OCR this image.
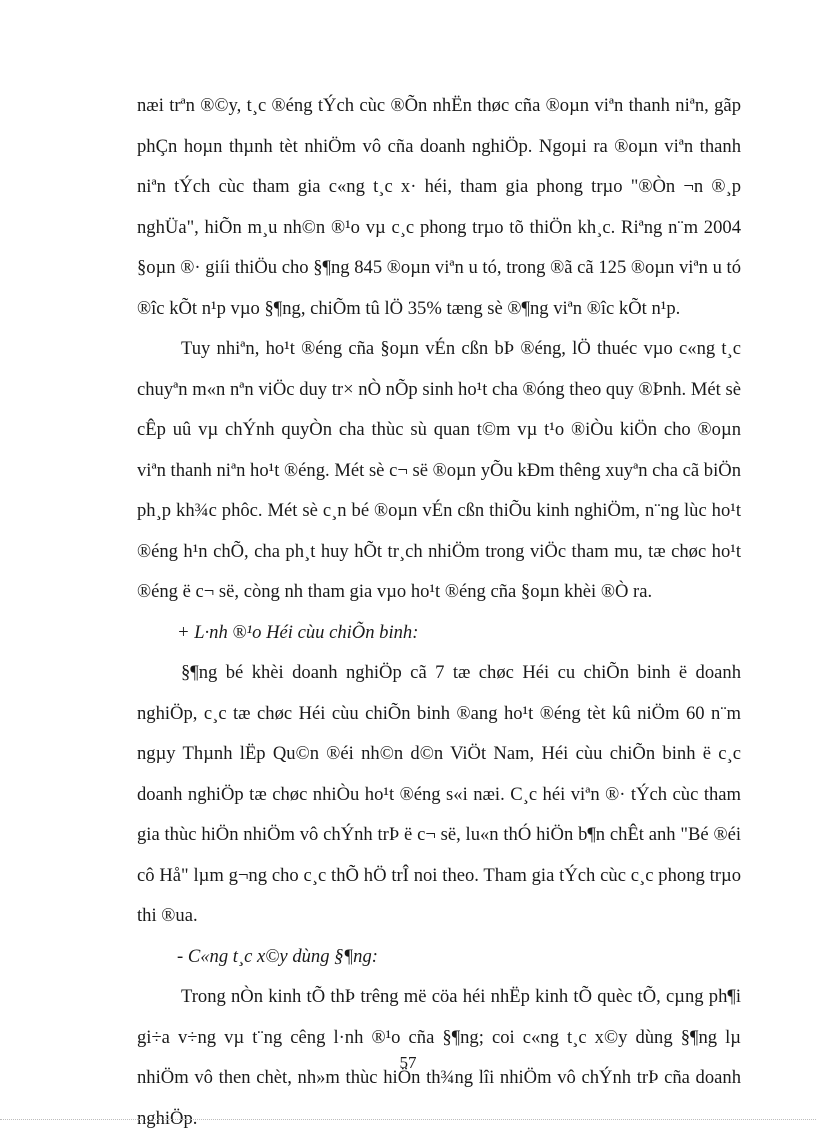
næi trªn ®©y, t¸c ®éng tÝch cùc ®Õn nhËn thøc cña ®oµn viªn thanh niªn, gãp phÇn hoµn thµnh tèt nhiÖm vô cña doanh nghiÖp. Ngoµi ra ®oµn viªn thanh niªn tÝch cùc tham gia c«ng t¸c x· héi, tham gia phong trµo "®Òn ¬n ®¸p nghÜa", hiÕn m¸u nh©n ®¹o vµ c¸c phong trµo tõ thiÖn kh¸c. Riªng n¨m 2004 §oµn ®· giíi thiÖu cho §¶ng 845 ®oµn viªn u tó, trong ®ã cã 125 ®oµn viªn u tó ®îc kÕt n¹p vµo §¶ng, chiÕm tû lÖ 35% tæng sè ®¶ng viªn ®îc kÕt n¹p.

Tuy nhiªn, ho¹t ®éng cña §oµn vÉn cßn bÞ ®éng, lÖ thuéc vµo c«ng t¸c chuyªn m«n nªn viÖc duy tr× nÒ nÕp sinh ho¹t cha ®óng theo quy ®Þnh. Mét sè cÊp uû vµ chÝnh quyÒn cha thùc sù quan t©m vµ t¹o ®iÒu kiÖn cho ®oµn viªn thanh niªn ho¹t ®éng. Mét sè c¬ së ®oµn yÕu kÐm thêng xuyªn cha cã biÖn ph¸p kh¾c phôc. Mét sè c¸n bé ®oµn vÉn cßn thiÕu kinh nghiÖm, n¨ng lùc ho¹t ®éng h¹n chÕ, cha ph¸t huy hÕt tr¸ch nhiÖm trong viÖc tham mu, tæ chøc ho¹t ®éng ë c¬ së, còng nh tham gia vµo ho¹t ®éng cña §oµn khèi ®Ò ra.

+ L·nh ®¹o Héi cùu chiÕn binh:

§¶ng bé khèi doanh nghiÖp cã 7 tæ chøc Héi cu chiÕn binh ë doanh nghiÖp, c¸c tæ chøc Héi cùu chiÕn binh ®ang ho¹t ®éng tèt kû niÖm 60 n¨m ngµy Thµnh lËp Qu©n ®éi nh©n d©n ViÖt Nam, Héi cùu chiÕn binh ë c¸c doanh nghiÖp tæ chøc nhiÒu ho¹t ®éng s«i næi. C¸c héi viªn ®· tÝch cùc tham gia thùc hiÖn nhiÖm vô chÝnh trÞ ë c¬ së, lu«n thÓ hiÖn b¶n chÊt anh "Bé ®éi cô Hå" lµm g¬ng cho c¸c thÕ hÖ trÎ noi theo. Tham gia tÝch cùc c¸c phong trµo thi ®ua.

- C«ng t¸c x©y dùng §¶ng:

Trong nÒn kinh tÕ thÞ trêng më cöa héi nhËp kinh tÕ quèc tÕ, cµng ph¶i gi÷a v÷ng vµ t¨ng cêng l·nh ®¹o cña §¶ng; coi c«ng t¸c x©y dùng §¶ng lµ nhiÖm vô then chèt, nh»m thùc hiÖn th¾ng lîi nhiÖm vô chÝnh trÞ cña doanh nghiÖp.

57
